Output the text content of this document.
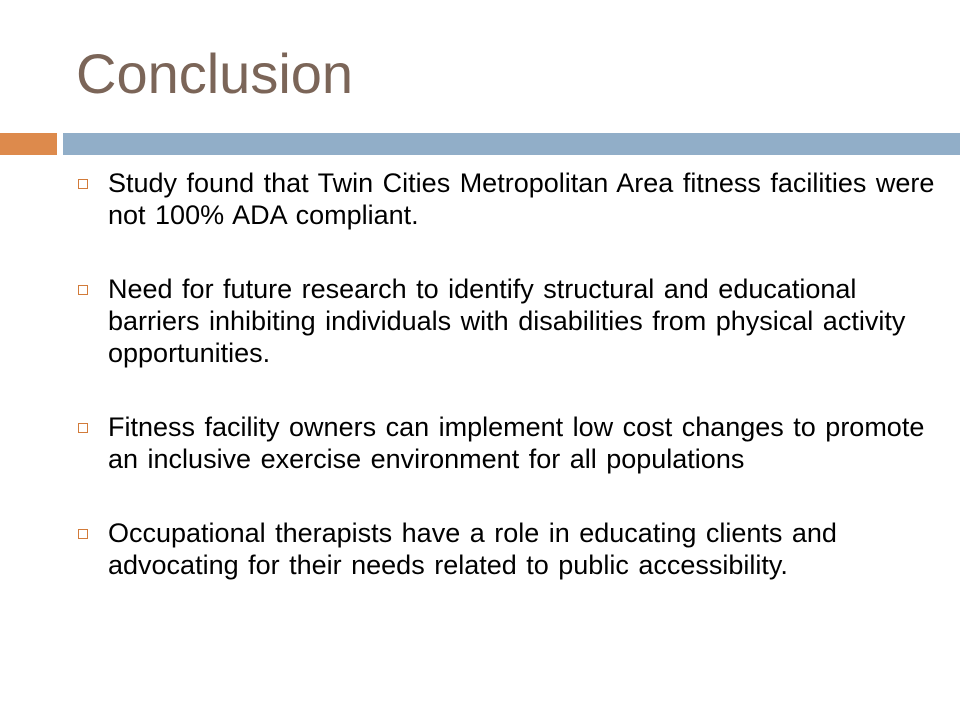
Conclusion
Study found that Twin Cities Metropolitan Area fitness facilities were not 100% ADA compliant.
Need for future research to identify structural and educational barriers inhibiting individuals with disabilities from physical activity opportunities.
Fitness facility owners can implement low cost changes to promote an inclusive exercise environment for all populations
Occupational therapists have a role in educating clients and advocating for their needs related to public accessibility.
